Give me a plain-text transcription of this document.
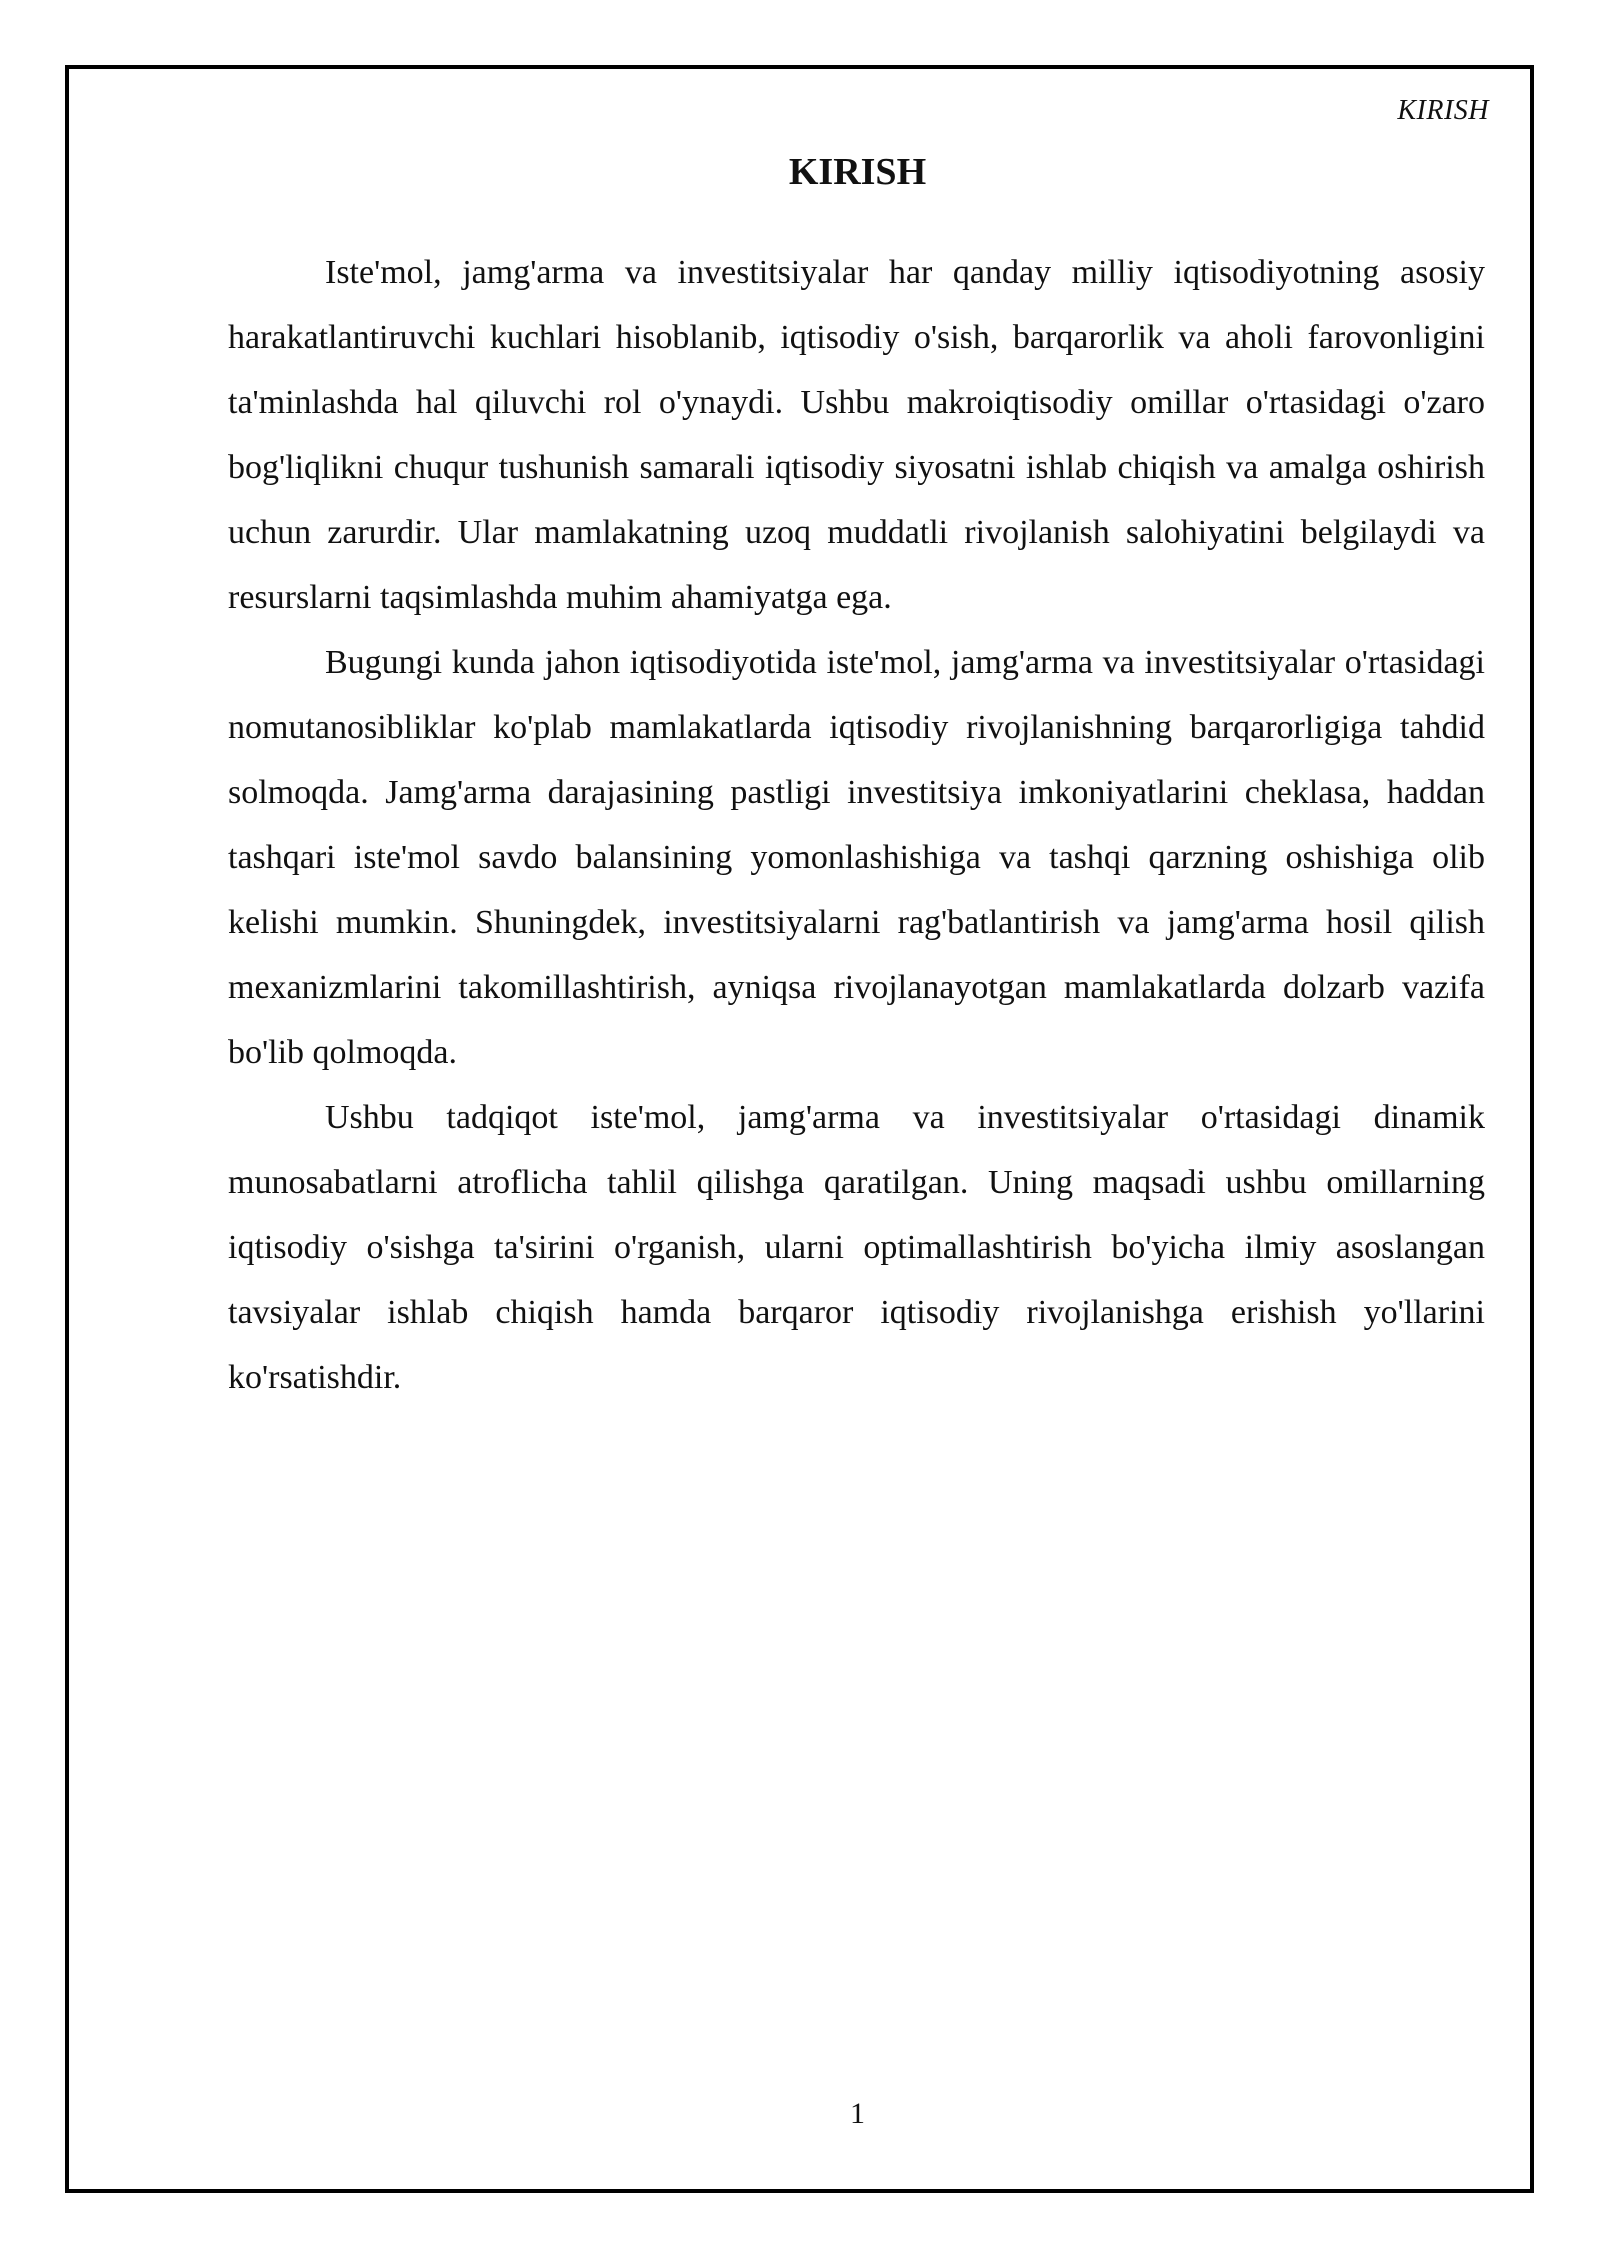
KIRISH
KIRISH

Iste'mol, jamg'arma va investitsiyalar har qanday milliy iqtisodiyotning asosiy harakatlantiruvchi kuchlari hisoblanib, iqtisodiy o'sish, barqarorlik va aholi farovonligini ta'minlashda hal qiluvchi rol o'ynaydi. Ushbu makroiqtisodiy omillar o'rtasidagi o'zaro bog'liqlikni chuqur tushunish samarali iqtisodiy siyosatni ishlab chiqish va amalga oshirish uchun zarurdir. Ular mamlakatning uzoq muddatli rivojlanish salohiyatini belgilaydi va resurslarni taqsimlashda muhim ahamiyatga ega.

Bugungi kunda jahon iqtisodiyotida iste'mol, jamg'arma va investitsiyalar o'rtasidagi nomutanosibliklar ko'plab mamlakatlarda iqtisodiy rivojlanishning barqarorligiga tahdid solmoqda. Jamg'arma darajasining pastligi investitsiya imkoniyatlarini cheklasa, haddan tashqari iste'mol savdo balansining yomonlashishiga va tashqi qarzning oshishiga olib kelishi mumkin. Shuningdek, investitsiyalarni rag'batlantirish va jamg'arma hosil qilish mexanizmlarini takomillashtirish, ayniqsa rivojlanayotgan mamlakatlarda dolzarb vazifa bo'lib qolmoqda.

Ushbu tadqiqot iste'mol, jamg'arma va investitsiyalar o'rtasidagi dinamik munosabatlarni atroflicha tahlil qilishga qaratilgan. Uning maqsadi ushbu omillarning iqtisodiy o'sishga ta'sirini o'rganish, ularni optimallashtirish bo'yicha ilmiy asoslangan tavsiyalar ishlab chiqish hamda barqaror iqtisodiy rivojlanishga erishish yo'llarini ko'rsatishdir.

1
